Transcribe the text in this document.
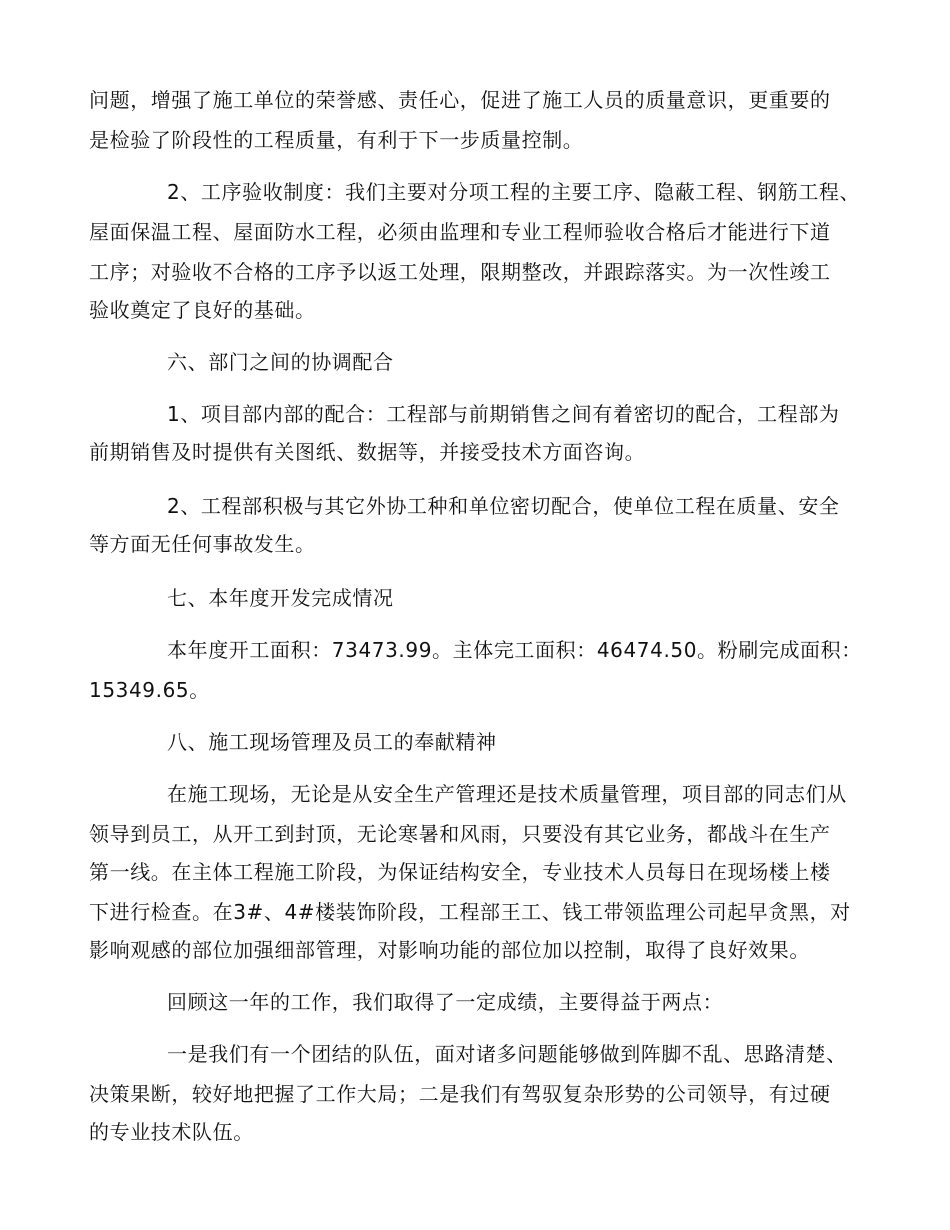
问题，增强了施工单位的荣誉感、责任心，促进了施工人员的质量意识，更重要的
是检验了阶段性的工程质量，有利于下一步质量控制。
2、工序验收制度：我们主要对分项工程的主要工序、隐蔽工程、钢筋工程、
屋面保温工程、屋面防水工程，必须由监理和专业工程师验收合格后才能进行下道
工序；对验收不合格的工序予以返工处理，限期整改，并跟踪落实。为一次性竣工
验收奠定了良好的基础。
六、部门之间的协调配合
1、项目部内部的配合：工程部与前期销售之间有着密切的配合，工程部为
前期销售及时提供有关图纸、数据等，并接受技术方面咨询。
2、工程部积极与其它外协工种和单位密切配合，使单位工程在质量、安全
等方面无任何事故发生。
七、本年度开发完成情况
本年度开工面积：73473.99。主体完工面积：46474.50。粉刷完成面积：
15349.65。
八、施工现场管理及员工的奉献精神
在施工现场，无论是从安全生产管理还是技术质量管理，项目部的同志们从
领导到员工，从开工到封顶，无论寒暑和风雨，只要没有其它业务，都战斗在生产
第一线。在主体工程施工阶段，为保证结构安全，专业技术人员每日在现场楼上楼
下进行检查。在3#、4#楼装饰阶段，工程部王工、钱工带领监理公司起早贪黑，对
影响观感的部位加强细部管理，对影响功能的部位加以控制，取得了良好效果。
回顾这一年的工作，我们取得了一定成绩，主要得益于两点：
一是我们有一个团结的队伍，面对诸多问题能够做到阵脚不乱、思路清楚、
决策果断，较好地把握了工作大局；二是我们有驾驭复杂形势的公司领导，有过硬
的专业技术队伍。
